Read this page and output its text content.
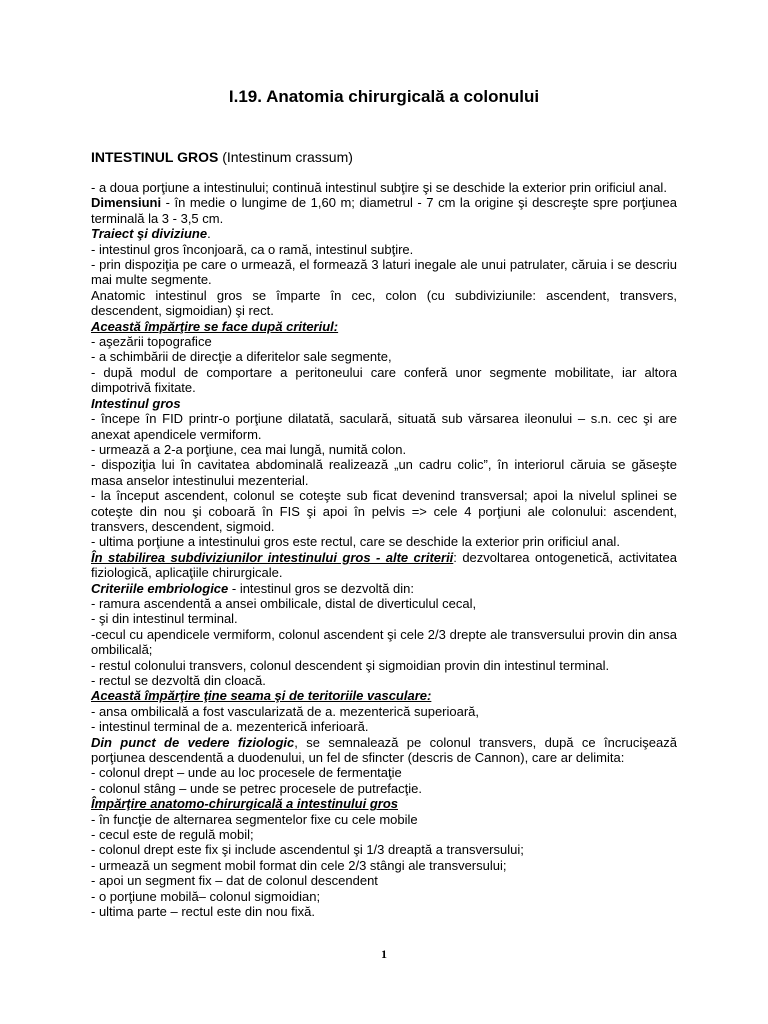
I.19. Anatomia chirurgicală a colonului
INTESTINUL GROS (Intestinum crassum)

- a doua porţiune a intestinului; continuă intestinul subţire şi se deschide la exterior prin orificiul anal.

Dimensiuni - în medie o lungime de 1,60 m; diametrul - 7 cm la origine şi descreşte spre porţiunea terminală la 3 - 3,5 cm.

Traiect şi diviziune.

- intestinul gros înconjoară, ca o ramă, intestinul subţire.

- prin dispoziţia pe care o urmează, el formează 3 laturi inegale ale unui patrulater, căruia i se descriu mai multe segmente.

Anatomic intestinul gros se împarte în cec, colon (cu subdiviziunile: ascendent, transvers, descendent, sigmoidian) şi rect.

Această împărţire se face după criteriul:

- aşezării topografice

- a schimbării de direcţie a diferitelor sale segmente,

- după modul de comportare a peritoneului care conferă unor segmente mobilitate, iar altora dimpotrivă fixitate.

Intestinul gros

- începe în FID printr-o porţiune dilatată, saculară, situată sub vărsarea ileonului – s.n. cec şi are anexat apendicele vermiform.

- urmează a 2-a porţiune, cea mai lungă, numită colon.

- dispoziţia lui în cavitatea abdominală realizează „un cadru colic”, în interiorul căruia se găseşte masa anselor intestinului mezenterial.

- la început ascendent, colonul se coteşte sub ficat devenind transversal; apoi la nivelul splinei se coteşte din nou şi coboară în FIS şi apoi în pelvis => cele 4 porţiuni ale colonului: ascendent, transvers, descendent, sigmoid.

- ultima porţiune a intestinului gros este rectul, care se deschide la exterior prin orificiul anal.

În stabilirea subdiviziunilor intestinului gros - alte criterii: dezvoltarea ontogenetică, activitatea fiziologică, aplicaţiile chirurgicale.

Criteriile embriologice - intestinul gros se dezvoltă din:

- ramura ascendentă a ansei ombilicale, distal de diverticulul cecal,

- şi din intestinul terminal.

-cecul cu apendicele vermiform, colonul ascendent şi cele 2/3 drepte ale transversului provin din ansa ombilicală;

- restul colonului transvers, colonul descendent şi sigmoidian provin din intestinul terminal.

- rectul se dezvoltă din cloacă.

Această împărţire ţine seama şi de teritoriile vasculare:

- ansa ombilicală a fost vascularizată de a. mezenterică superioară,

- intestinul terminal de a. mezenterică inferioară.

Din punct de vedere fiziologic, se semnalează pe colonul transvers, după ce încrucişează porţiunea descendentă a duodenului, un fel de sfincter (descris de Cannon), care ar delimita:

- colonul drept – unde au loc procesele de fermentaţie

- colonul stâng – unde se petrec procesele de putrefacţie.

Împărţire anatomo-chirurgicală a intestinului gros

- în funcţie de alternarea segmentelor fixe cu cele mobile

- cecul este de regulă mobil;

- colonul drept este fix şi include ascendentul şi 1/3 dreaptă a transversului;

- urmează un segment mobil format din cele 2/3 stângi ale transversului;

- apoi un segment fix – dat de colonul descendent

- o porţiune mobilă– colonul sigmoidian;

- ultima parte – rectul este din nou fixă.

1
